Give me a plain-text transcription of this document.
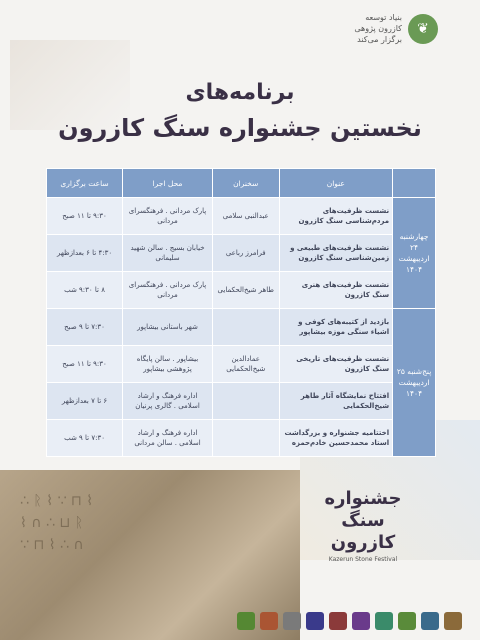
❦
بنیاد توسعه
کازرون پژوهی
برگزار می‌کند
برنامه‌های
نخستین جشنواره سنگ کازرون
	عنوان	سخنران	محل اجرا	ساعت برگزاری
چهارشنبه ۲۴ اردیبهشت ۱۴۰۴	نشست ظرفیت‌های مردم‌شناسی سنگ کازرون	عبدالنبی سلامی	پارک مردانی . فرهنگسرای مردانی	۹:۳۰ تا ۱۱ صبح
	نشست ظرفیت‌های طبیعی و زمین‌شناسی سنگ کازرون	فرامرز رباعی	خیابان بسیج . سالن شهید سلیمانی	۴:۳۰ تا ۶ بعدازظهر
	نشست ظرفیت‌های هنری سنگ کازرون	طاهر شیخ‌الحکمایی	پارک مردانی . فرهنگسرای مردانی	۸ تا ۹:۳۰ شب
پنج‌شنبه ۲۵ اردیبهشت ۱۴۰۴	بازدید از کتیبه‌های کوفی و اشیاء سنگی موزه بیشاپور		شهر باستانی بیشاپور	۷:۳۰ تا ۹ صبح
	نشست ظرفیت‌های تاریخی سنگ کازرون	عمادالدین شیخ‌الحکمایی	بیشاپور . سالن پایگاه پژوهشی بیشاپور	۹:۳۰ تا ۱۱ صبح
	افتتاح نمایشگاه آثار طاهر شیخ‌الحکمایی		اداره فرهنگ و ارشاد اسلامی . گالری پرنیان	۶ تا ۷ بعدازظهر
	اختتامیه جشنواره و بزرگداشت استاد محمدحسین خادم‌حمزه		اداره فرهنگ و ارشاد اسلامی . سالن مردانی	۷:۳۰ تا ۹ شب
∴ ᚱ ⌇ ∵ ⊓ ⌇
⌇ ∩ ∴ ⊔ ᚱ
∵ ⊓ ⌇ ∴ ∩
جشنواره
سنگ
کازرون
Kazerun Stone Festival
